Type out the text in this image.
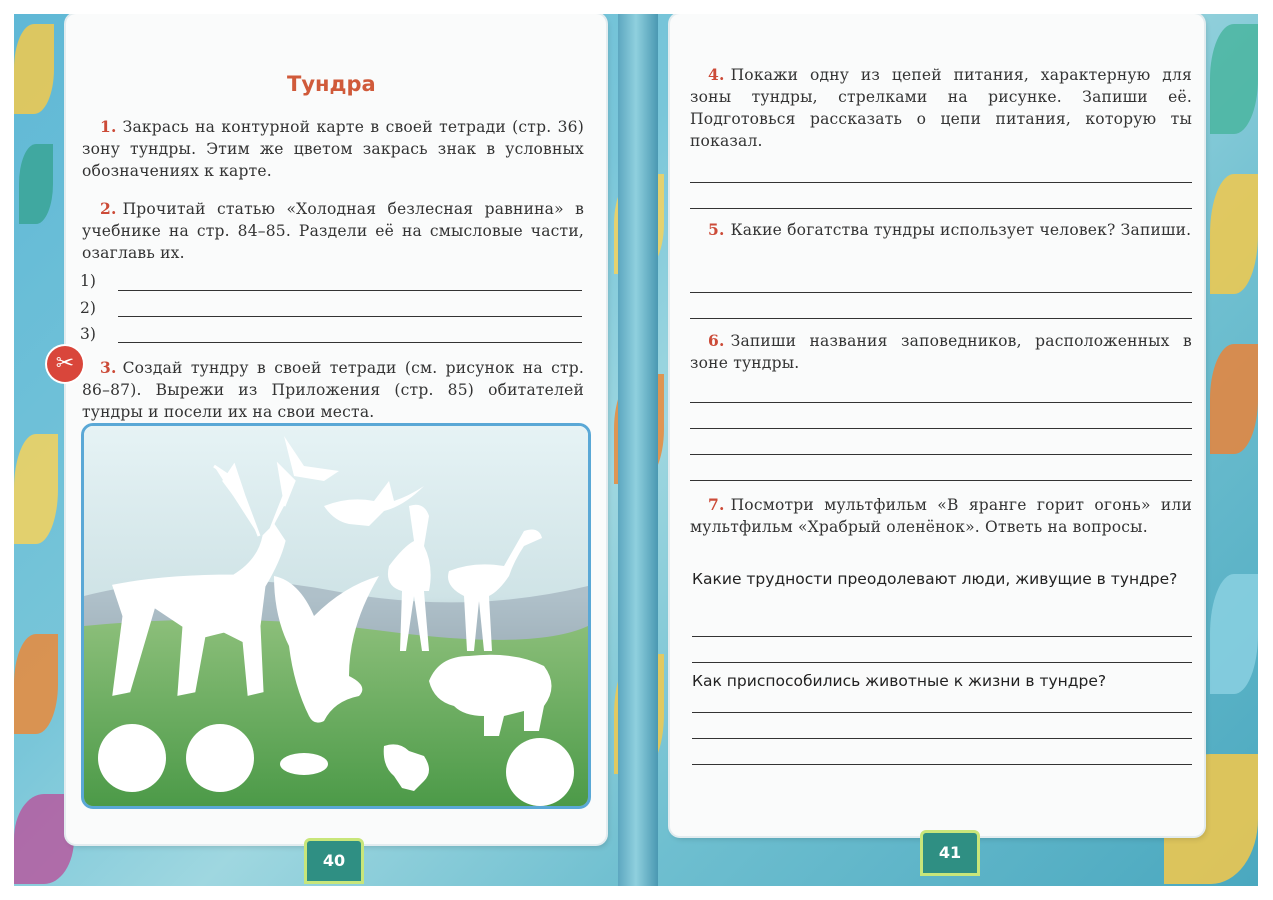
Тундра
1. Закрась на контурной карте в своей тетради (стр. 36) зону тундры. Этим же цветом закрась знак в условных обозначениях к карте.
2. Прочитай статью «Холодная безлесная равнина» в учебнике на стр. 84–85. Раздели её на смысловые части, озаглавь их.
1)
2)
3)
✂	3. Создай тундру в своей тетради (см. рисунок на стр. 86–87). Вырежи из Приложения (стр. 85) обитателей тундры и посели их на свои места.
40
4. Покажи одну из цепей питания, характерную для зоны тундры, стрелками на рисунке. Запиши её. Подготовься рассказать о цепи питания, которую ты показал.
5. Какие богатства тундры использует человек? Запиши.
6. Запиши названия заповедников, расположенных в зоне тундры.
7. Посмотри мультфильм «В яранге горит огонь» или мультфильм «Храбрый оленёнок». Ответь на вопросы.
Какие трудности преодолевают люди, живущие в тундре?
Как приспособились животные к жизни в тундре?
41
